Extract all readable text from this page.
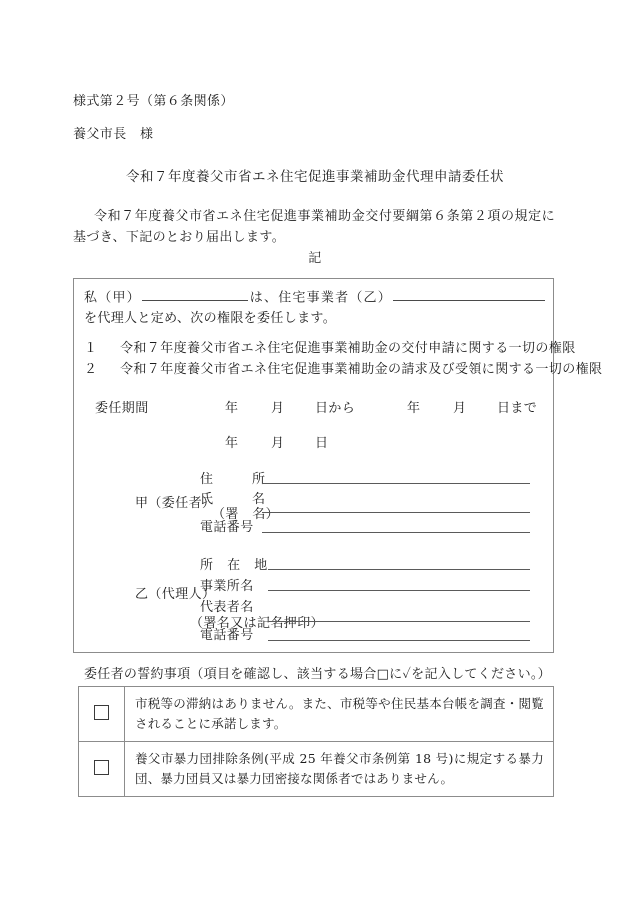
様式第２号（第６条関係）
養父市長　様
令和７年度養父市省エネ住宅促進事業補助金代理申請委任状
令和７年度養父市省エネ住宅促進事業補助金交付要綱第６条第２項の規定に基づき、下記のとおり届出します。
記
私（甲）	は、住宅事業者（乙）を代理人と定め、次の権限を委任します。
１ 令和７年度養父市省エネ住宅促進事業補助金の交付申請に関する一切の権限
２ 令和７年度養父市省エネ住宅促進事業補助金の請求及び受領に関する一切の権限
委任期間	年	月 日から	年	月 日まで
年	月 日
甲（委任者）
住　所
氏　名
（署　名）
電話番号
乙（代理人）
所 在 地
事業所名
代表者名
（署名又は記名押印）
電話番号
委任者の誓約事項（項目を確認し、該当する場合□に✓を記入してください。）
	市税等の滞納はありません。また、市税等や住民基本台帳を調査・閲覧されることに承諾します。
	養父市暴力団排除条例(平成 25 年養父市条例第 18 号)に規定する暴力団、暴力団員又は暴力団密接な関係者ではありません。
